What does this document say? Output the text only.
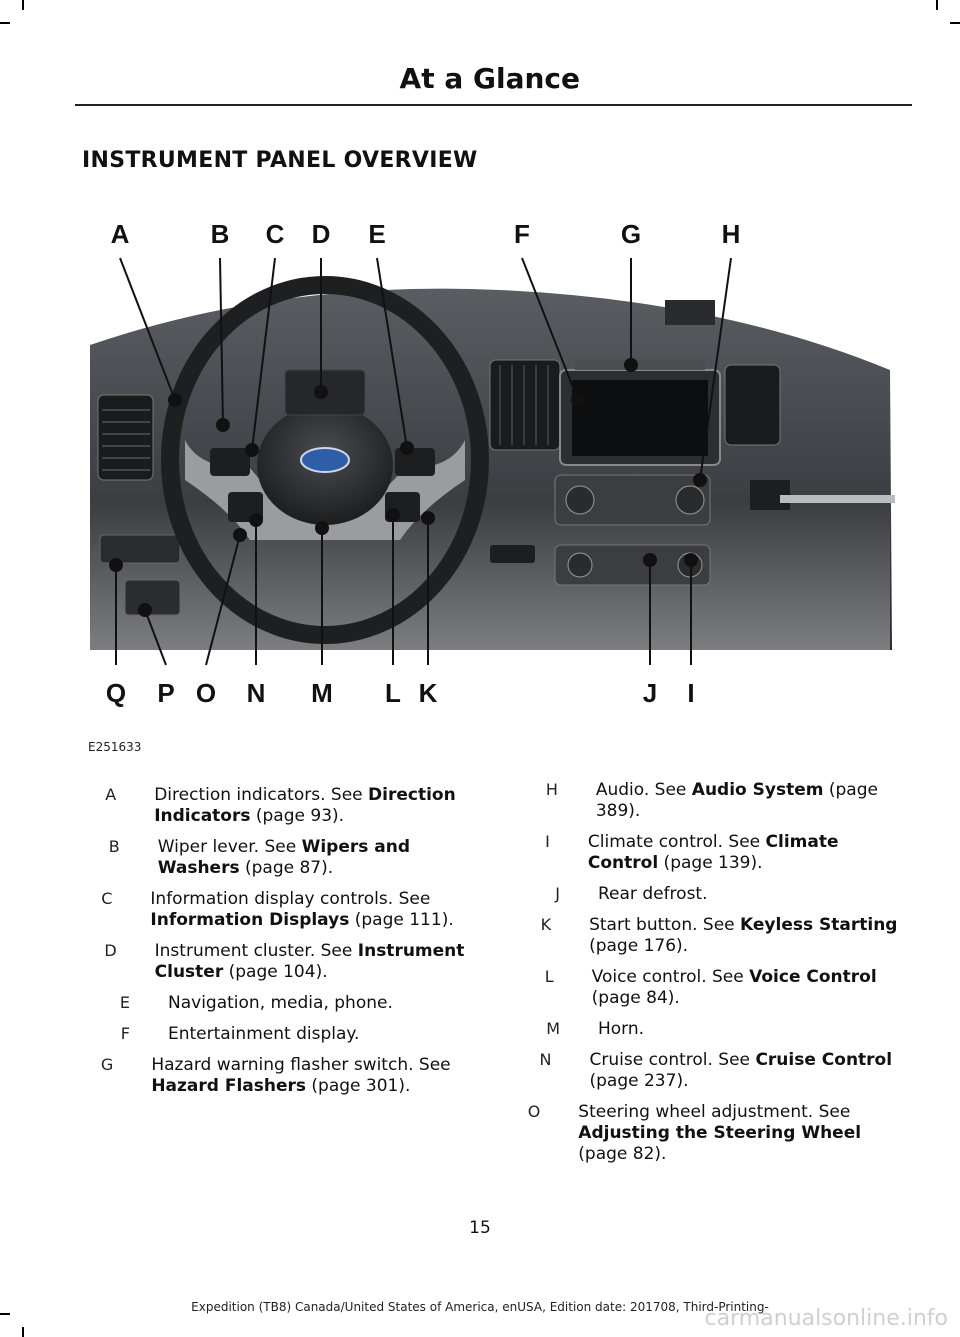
At a Glance
INSTRUMENT PANEL OVERVIEW
A	B C D E	F	G	H
Q P O N M L K	J I
E251633
A	Direction indicators. See Direction Indicators (page 93).
B	Wiper lever. See Wipers and Washers (page 87).
C	Information display controls. See Information Displays (page 111).
D	Instrument cluster. See Instrument Cluster (page 104).
E	Navigation, media, phone.
F	Entertainment display.
G	Hazard warning flasher switch. See Hazard Flashers (page 301).
H	Audio. See Audio System (page 389).
I	Climate control. See Climate Control (page 139).
J	Rear defrost.
K	Start button. See Keyless Starting (page 176).
L	Voice control. See Voice Control (page 84).
M	Horn.
N	Cruise control. See Cruise Control (page 237).
O	Steering wheel adjustment. See Adjusting the Steering Wheel (page 82).
15
Expedition (TB8) Canada/United States of America, enUSA, Edition date: 201708, Third-Printing-
carmanualsonline.info
